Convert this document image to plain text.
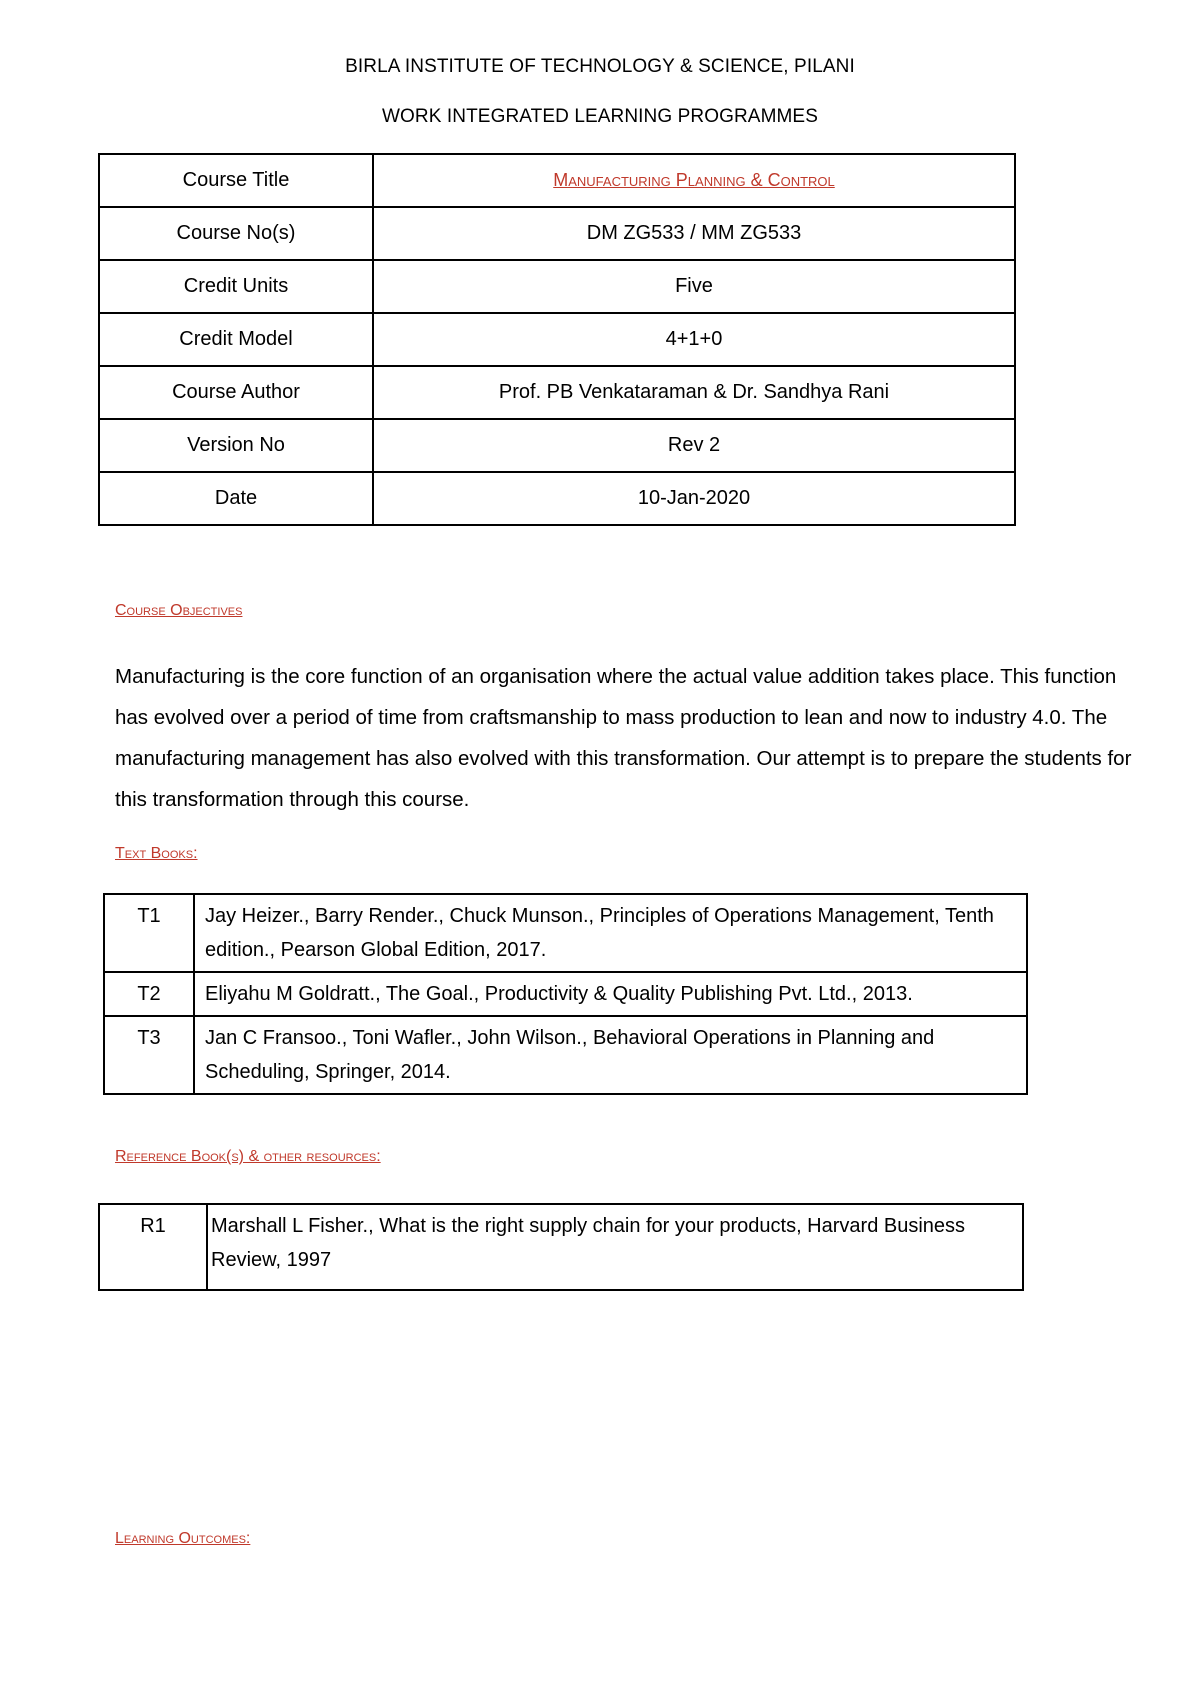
BIRLA INSTITUTE OF TECHNOLOGY & SCIENCE, PILANI
WORK INTEGRATED LEARNING PROGRAMMES
Course Title	Manufacturing Planning & Control
Course No(s)	DM ZG533 / MM ZG533
Credit Units	Five
Credit Model	4+1+0
Course Author	Prof. PB Venkataraman & Dr. Sandhya Rani
Version No	Rev 2
Date	10-Jan-2020
Course Objectives

Manufacturing is the core function of an organisation where the actual value addition takes place. This function has evolved over a period of time from craftsmanship to mass production to lean and now to industry 4.0. The manufacturing management has also evolved with this transformation. Our attempt is to prepare the students for this transformation through this course.

Text Books:
T1	Jay Heizer., Barry Render., Chuck Munson., Principles of Operations Management, Tenth edition., Pearson Global Edition, 2017.
T2	Eliyahu M Goldratt., The Goal., Productivity & Quality Publishing Pvt. Ltd., 2013.
T3	Jan C Fransoo., Toni Wafler., John Wilson., Behavioral Operations in Planning and Scheduling, Springer, 2014.
Reference Book(s) & other resources:
R1	Marshall L Fisher., What is the right supply chain for your products, Harvard Business Review, 1997
Learning Outcomes:
